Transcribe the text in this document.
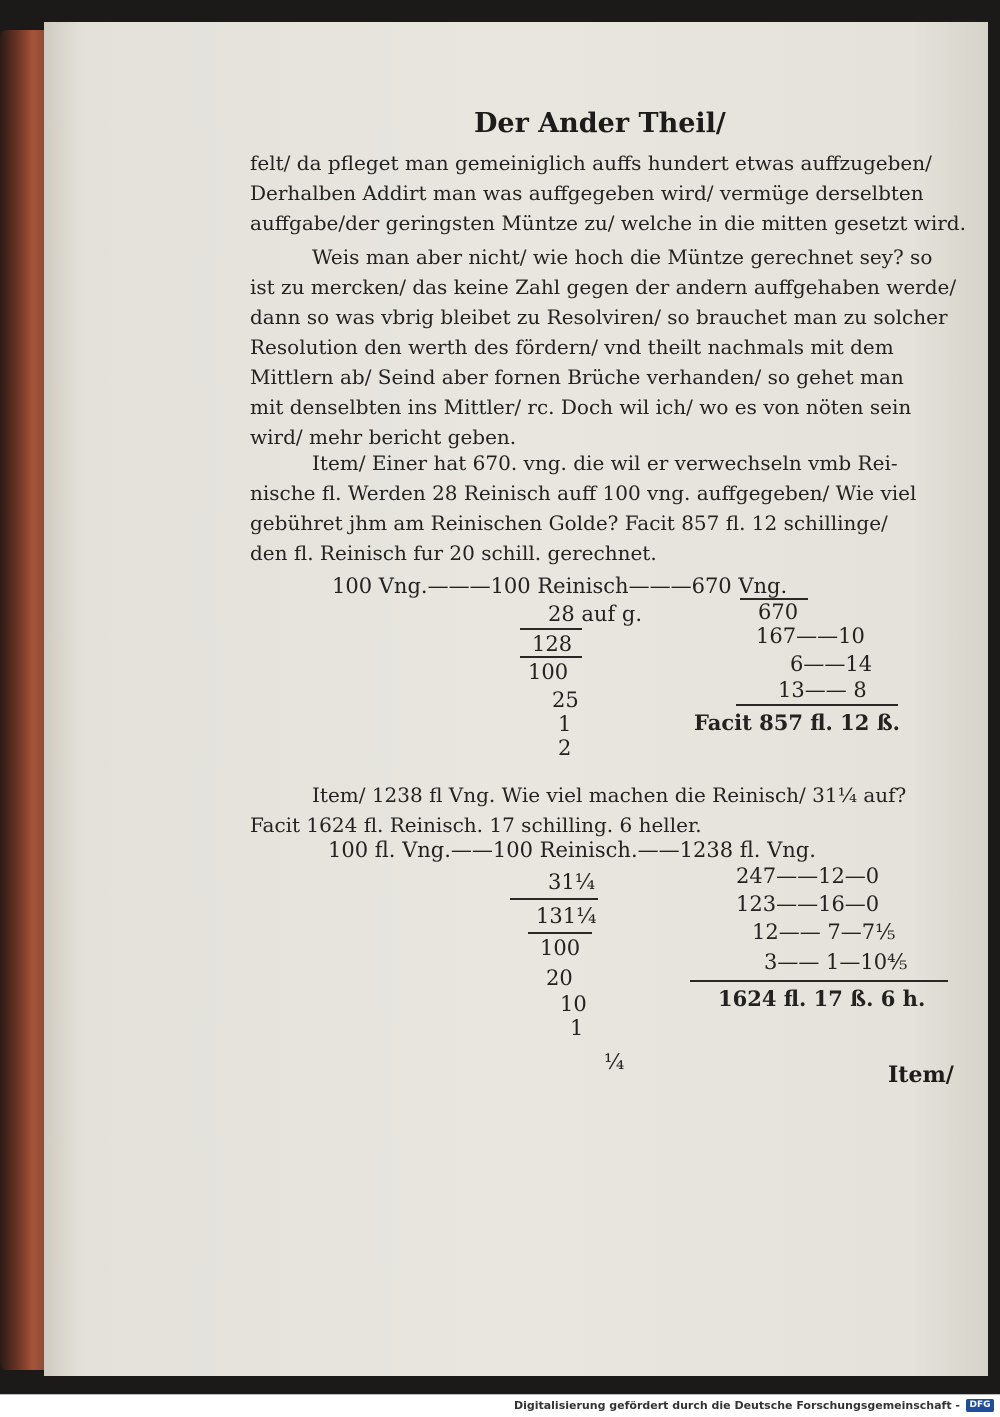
Der Ander Theil/
felt/ da pfleget man gemeiniglich auffs hundert etwas auffzugeben/
Derhalben Addirt man was auffgegeben wird/ vermüge derselbten
auffgabe/der geringsten Müntze zu/ welche in die mitten gesetzt wird.
Weis man aber nicht/ wie hoch die Müntze gerechnet sey? so
ist zu mercken/ das keine Zahl gegen der andern auffgehaben werde/
dann so was vbrig bleibet zu Resolviren/ so brauchet man zu solcher
Resolution den werth des fördern/ vnd theilt nachmals mit dem
Mittlern ab/ Seind aber fornen Brüche verhanden/ so gehet man
mit denselbten ins Mittler/ rc. Doch wil ich/ wo es von nöten sein
wird/ mehr bericht geben.
Item/ Einer hat 670. vng. die wil er verwechseln vmb Rei-
nische fl. Werden 28 Reinisch auff 100 vng. auffgegeben/ Wie viel
gebühret jhm am Reinischen Golde? Facit 857 fl. 12 schillinge/
den fl. Reinisch fur 20 schill. gerechnet.
100 Vng.———100 Reinisch———670 Vng.
28 auf g.
128
100
25
1
2
670
167——10
6——14
13—— 8
Facit 857 fl. 12 ß.
Item/ 1238 fl Vng. Wie viel machen die Reinisch/ 31¼ auf?
Facit 1624 fl. Reinisch. 17 schilling. 6 heller.
100 fl. Vng.——100 Reinisch.——1238 fl. Vng.
31¼
131¼
100
20
10
1
¼
247——12—0
123——16—0
12—— 7—7⅕
3—— 1—10⅘
1624 fl. 17 ß. 6 h.
Item/
Digitalisierung gefördert durch die Deutsche Forschungsgemeinschaft -	DFG
